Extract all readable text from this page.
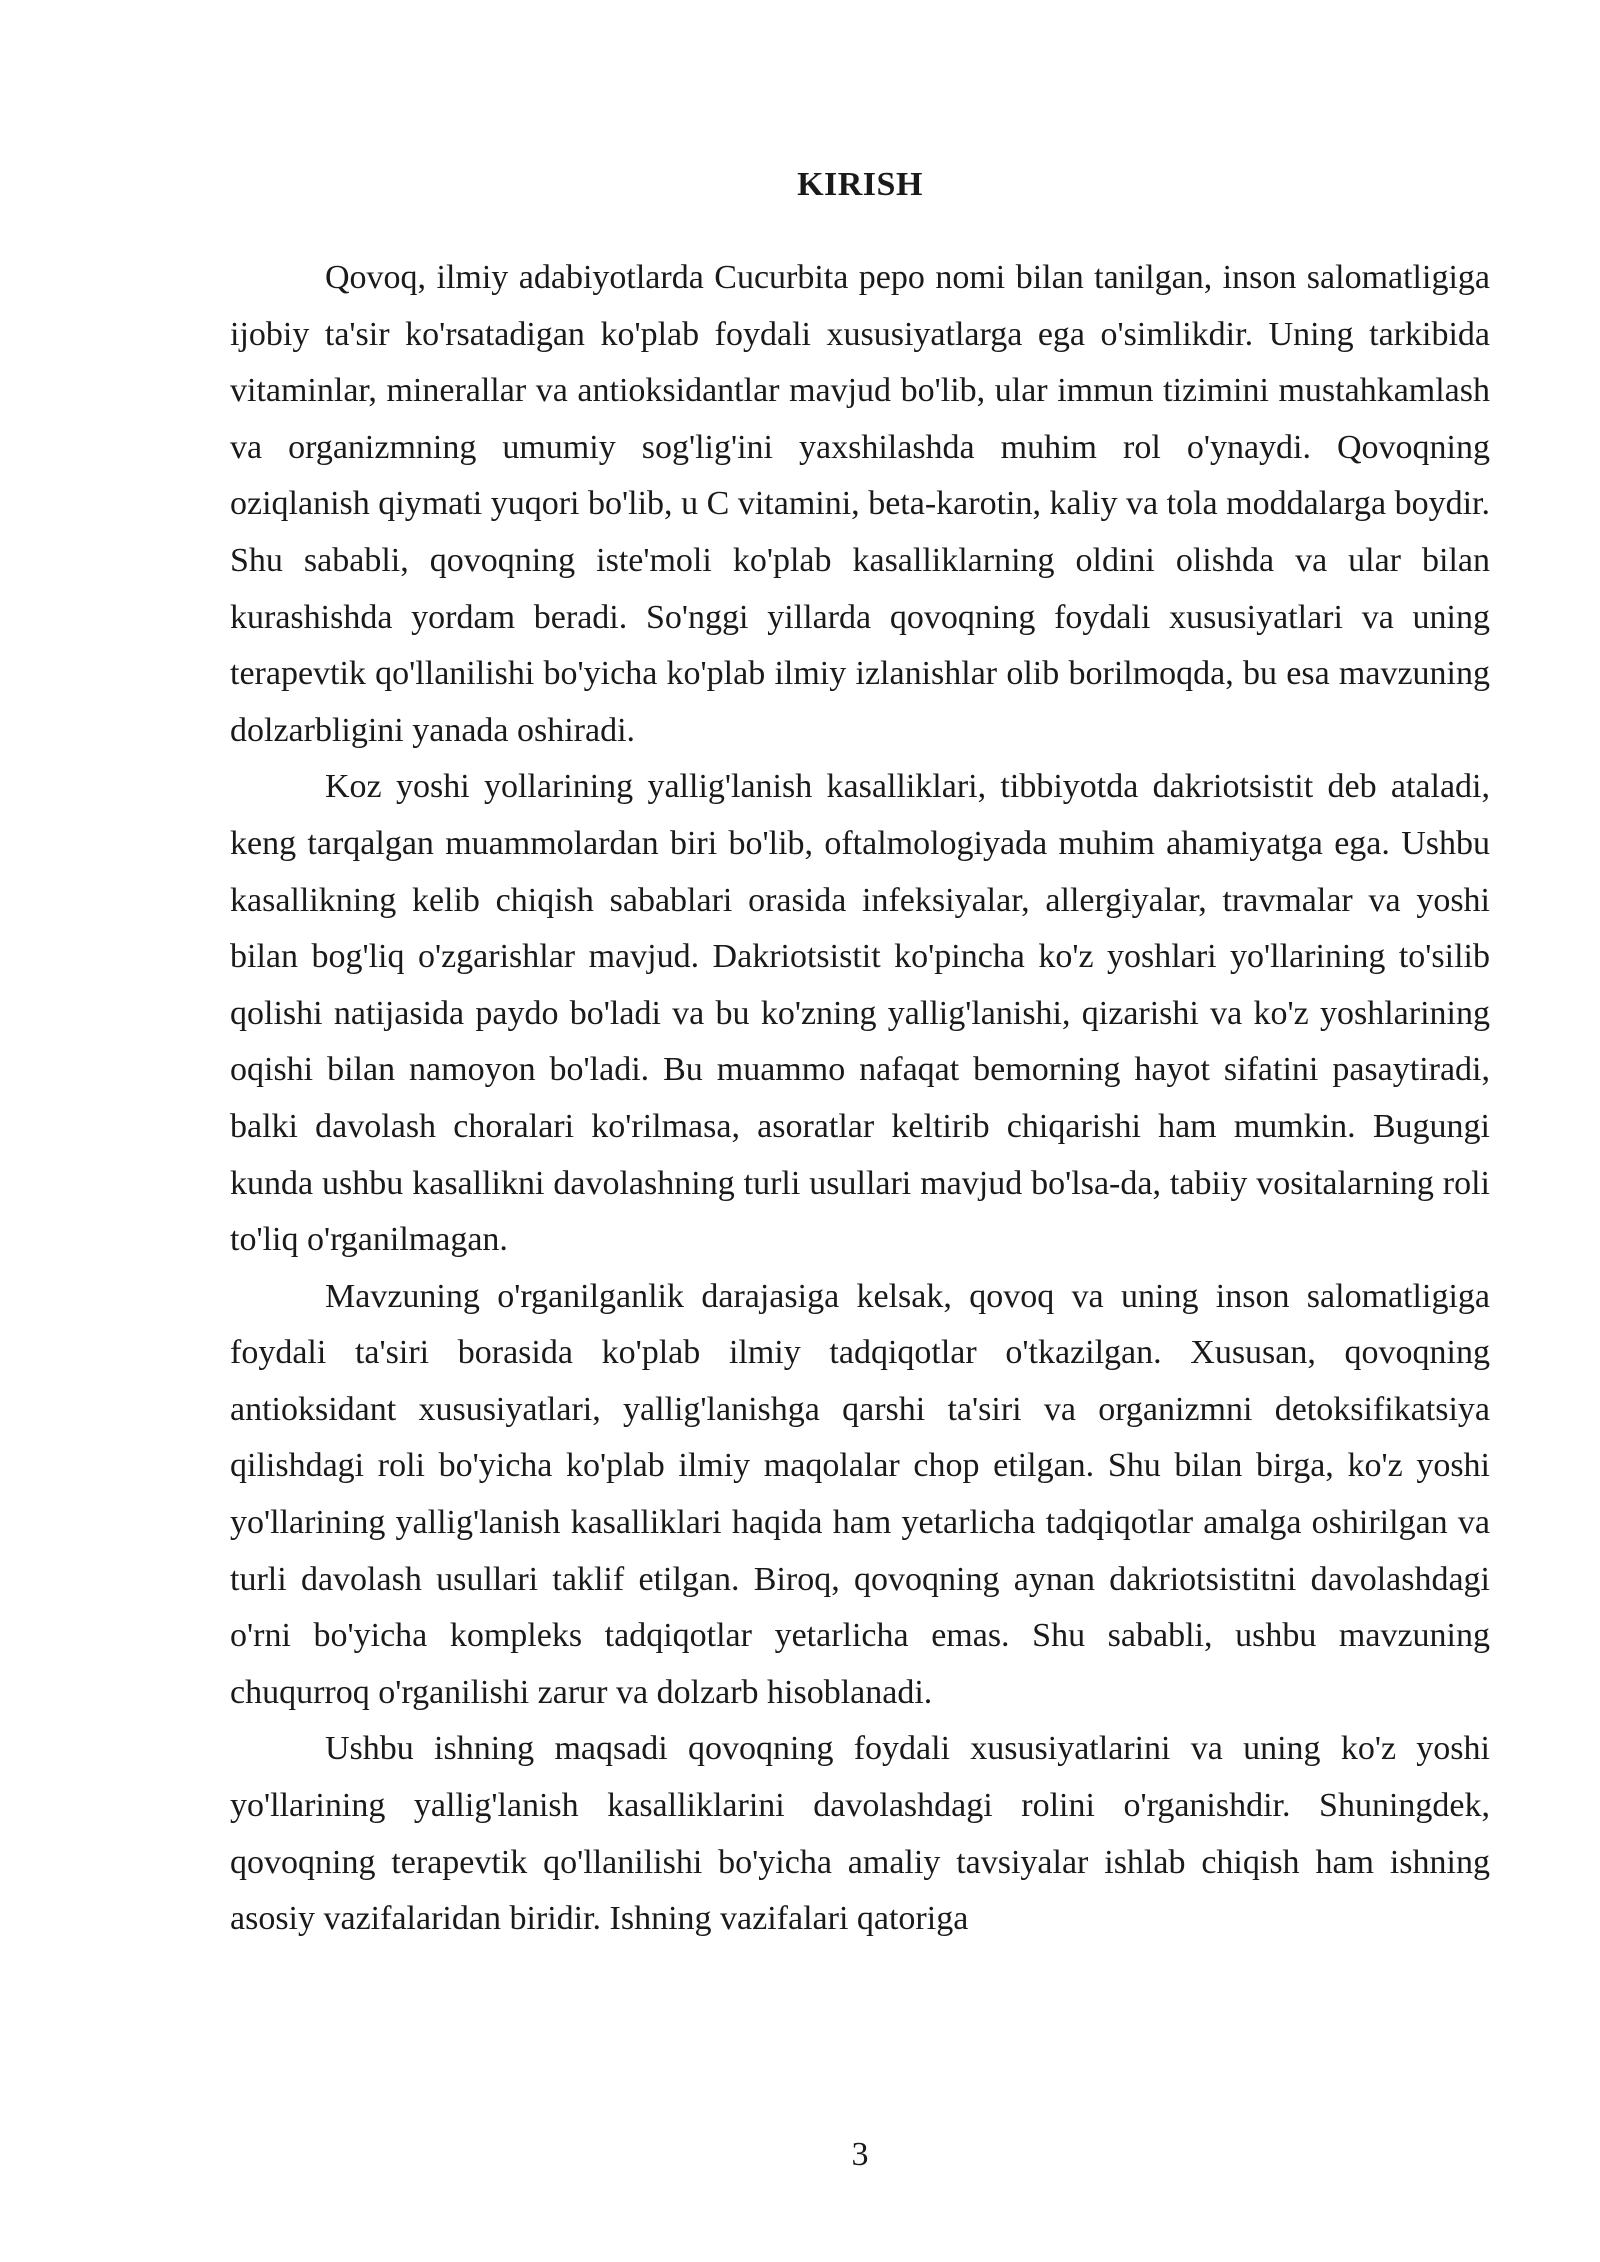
KIRISH

Qovoq, ilmiy adabiyotlarda Cucurbita pepo nomi bilan tanilgan, inson salomatligiga ijobiy ta'sir ko'rsatadigan ko'plab foydali xususiyatlarga ega o'simlikdir. Uning tarkibida vitaminlar, minerallar va antioksidantlar mavjud bo'lib, ular immun tizimini mustahkamlash va organizmning umumiy sog'lig'ini yaxshilashda muhim rol o'ynaydi. Qovoqning oziqlanish qiymati yuqori bo'lib, u C vitamini, beta-karotin, kaliy va tola moddalarga boydir. Shu sababli, qovoqning iste'moli ko'plab kasalliklarning oldini olishda va ular bilan kurashishda yordam beradi. So'nggi yillarda qovoqning foydali xususiyatlari va uning terapevtik qo'llanilishi bo'yicha ko'plab ilmiy izlanishlar olib borilmoqda, bu esa mavzuning dolzarbligini yanada oshiradi.

Koz yoshi yollarining yallig'lanish kasalliklari, tibbiyotda dakriotsistit deb ataladi, keng tarqalgan muammolardan biri bo'lib, oftalmologiyada muhim ahamiyatga ega. Ushbu kasallikning kelib chiqish sabablari orasida infeksiyalar, allergiyalar, travmalar va yoshi bilan bog'liq o'zgarishlar mavjud. Dakriotsistit ko'pincha ko'z yoshlari yo'llarining to'silib qolishi natijasida paydo bo'ladi va bu ko'zning yallig'lanishi, qizarishi va ko'z yoshlarining oqishi bilan namoyon bo'ladi. Bu muammo nafaqat bemorning hayot sifatini pasaytiradi, balki davolash choralari ko'rilmasa, asoratlar keltirib chiqarishi ham mumkin. Bugungi kunda ushbu kasallikni davolashning turli usullari mavjud bo'lsa-da, tabiiy vositalarning roli to'liq o'rganilmagan.

Mavzuning o'rganilganlik darajasiga kelsak, qovoq va uning inson salomatligiga foydali ta'siri borasida ko'plab ilmiy tadqiqotlar o'tkazilgan. Xususan, qovoqning antioksidant xususiyatlari, yallig'lanishga qarshi ta'siri va organizmni detoksifikatsiya qilishdagi roli bo'yicha ko'plab ilmiy maqolalar chop etilgan. Shu bilan birga, ko'z yoshi yo'llarining yallig'lanish kasalliklari haqida ham yetarlicha tadqiqotlar amalga oshirilgan va turli davolash usullari taklif etilgan. Biroq, qovoqning aynan dakriotsistitni davolashdagi o'rni bo'yicha kompleks tadqiqotlar yetarlicha emas. Shu sababli, ushbu mavzuning chuqurroq o'rganilishi zarur va dolzarb hisoblanadi.

Ushbu ishning maqsadi qovoqning foydali xususiyatlarini va uning ko'z yoshi yo'llarining yallig'lanish kasalliklarini davolashdagi rolini o'rganishdir. Shuningdek, qovoqning terapevtik qo'llanilishi bo'yicha amaliy tavsiyalar ishlab chiqish ham ishning asosiy vazifalaridan biridir. Ishning vazifalari qatoriga

3
